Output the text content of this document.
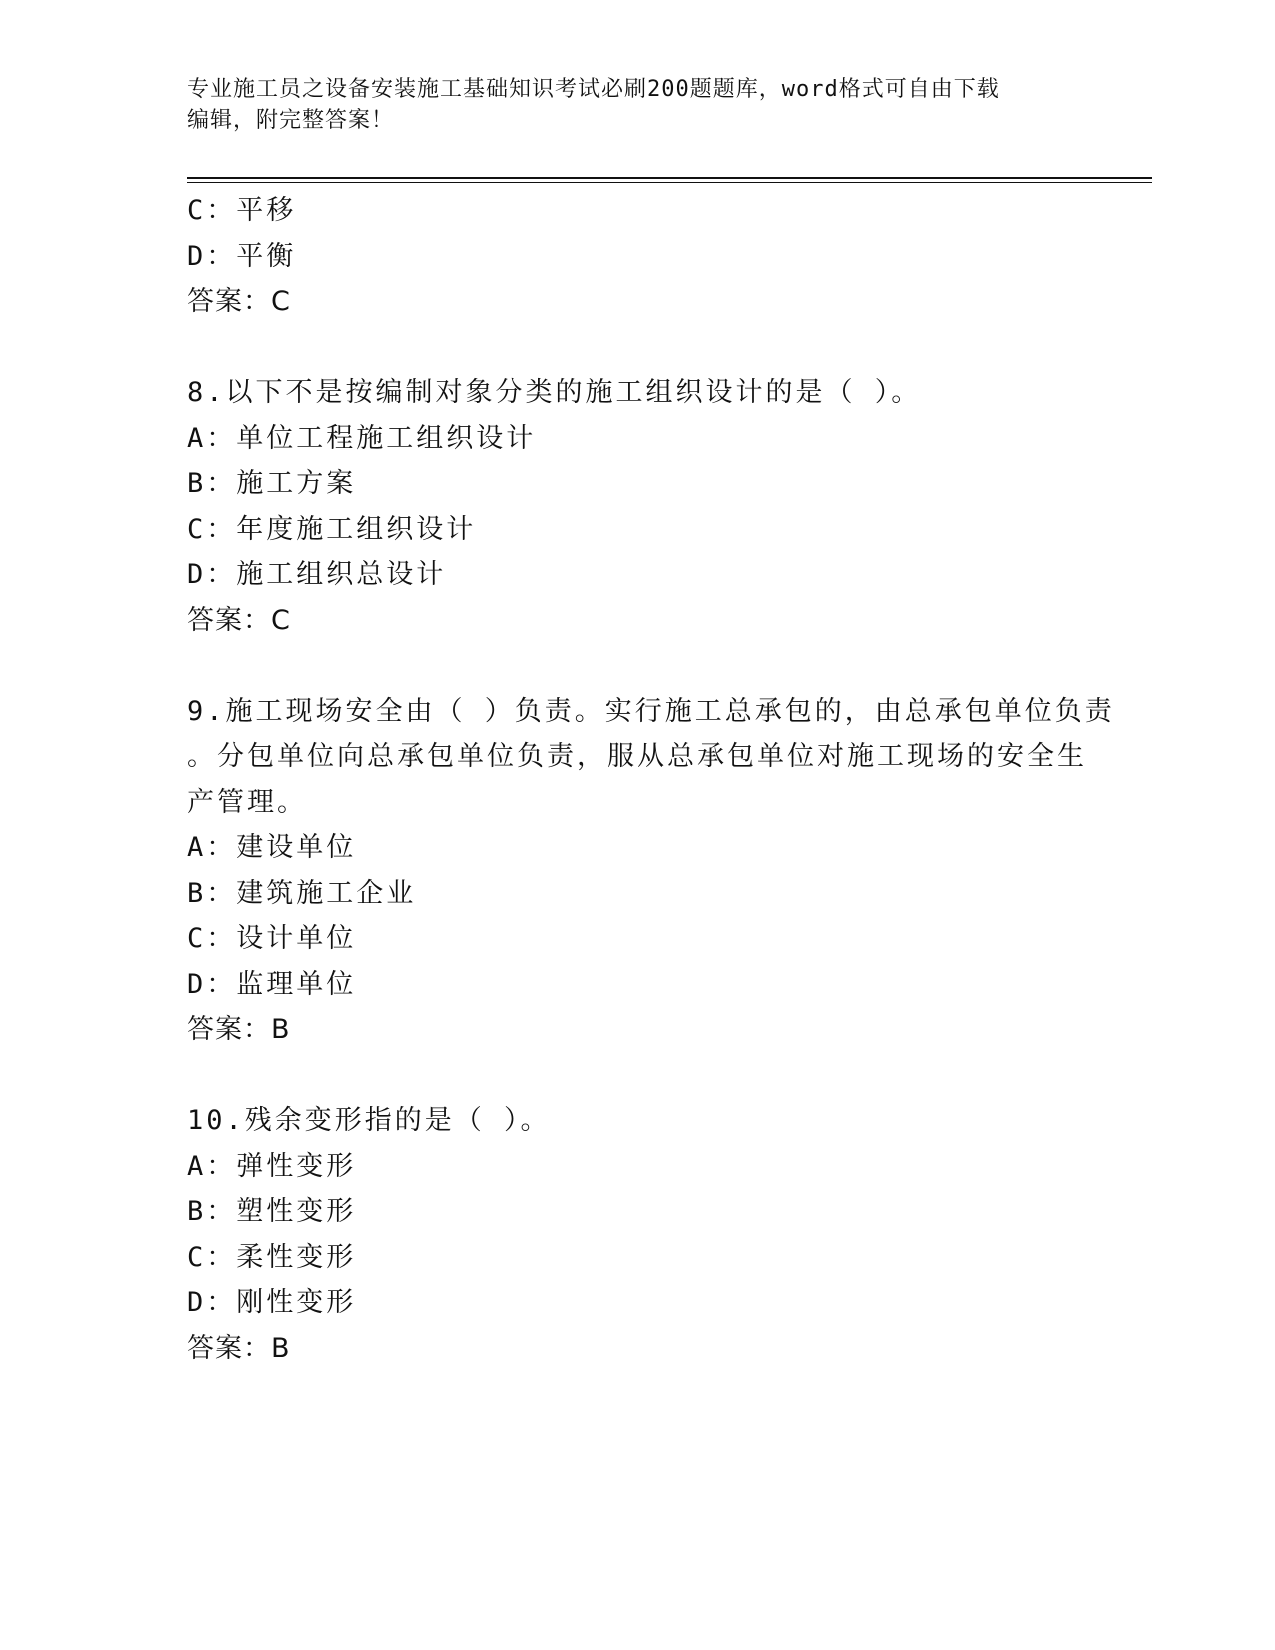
专业施工员之设备安装施工基础知识考试必刷200题题库，word格式可自由下载
编辑，附完整答案！
C：平移
D：平衡
答案：C
8.以下不是按编制对象分类的施工组织设计的是（ ）。
A：单位工程施工组织设计
B：施工方案
C：年度施工组织设计
D：施工组织总设计
答案：C
9.施工现场安全由（ ）负责。实行施工总承包的，由总承包单位负责
。分包单位向总承包单位负责，服从总承包单位对施工现场的安全生
产管理。
A：建设单位
B：建筑施工企业
C：设计单位
D：监理单位
答案：B
10.残余变形指的是（ ）。
A：弹性变形
B：塑性变形
C：柔性变形
D：刚性变形
答案：B
